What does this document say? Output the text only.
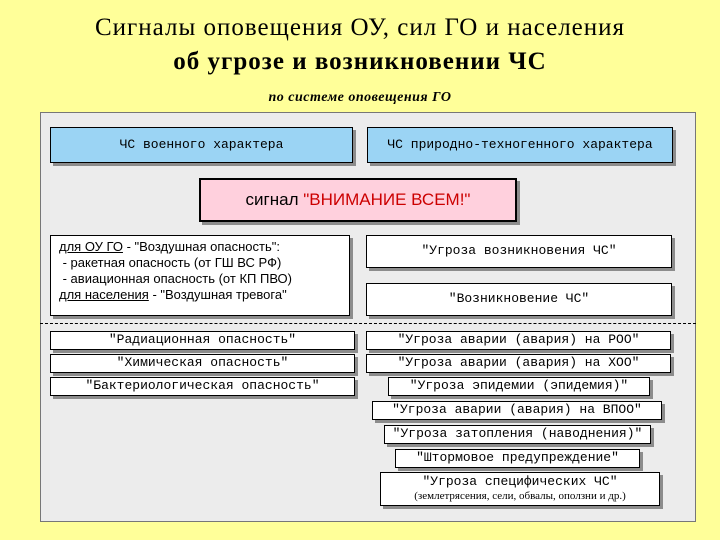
Сигналы оповещения ОУ, сил ГО и населения
об угрозе и возникновении ЧС
по системе оповещения ГО
ЧС военного характера	ЧС природно-техногенного характера
сигнал "ВНИМАНИЕ ВСЕМ!"
для ОУ ГО - "Воздушная опасность":
- ракетная опасность (от ГШ ВС РФ)
- авиационная опасность (от КП ПВО)
для населения - "Воздушная тревога"
"Угроза возникновения ЧС"
"Возникновение ЧС"
"Радиационная опасность"
"Химическая опасность"
"Бактериологическая опасность"
"Угроза аварии (авария) на РОО"
"Угроза аварии (авария) на ХОО"
"Угроза эпидемии (эпидемия)"
"Угроза аварии (авария) на ВПОО"
"Угроза затопления (наводнения)"
"Штормовое предупреждение"
"Угроза специфических ЧС"
(землетрясения, сели, обвалы, оползни и др.)
